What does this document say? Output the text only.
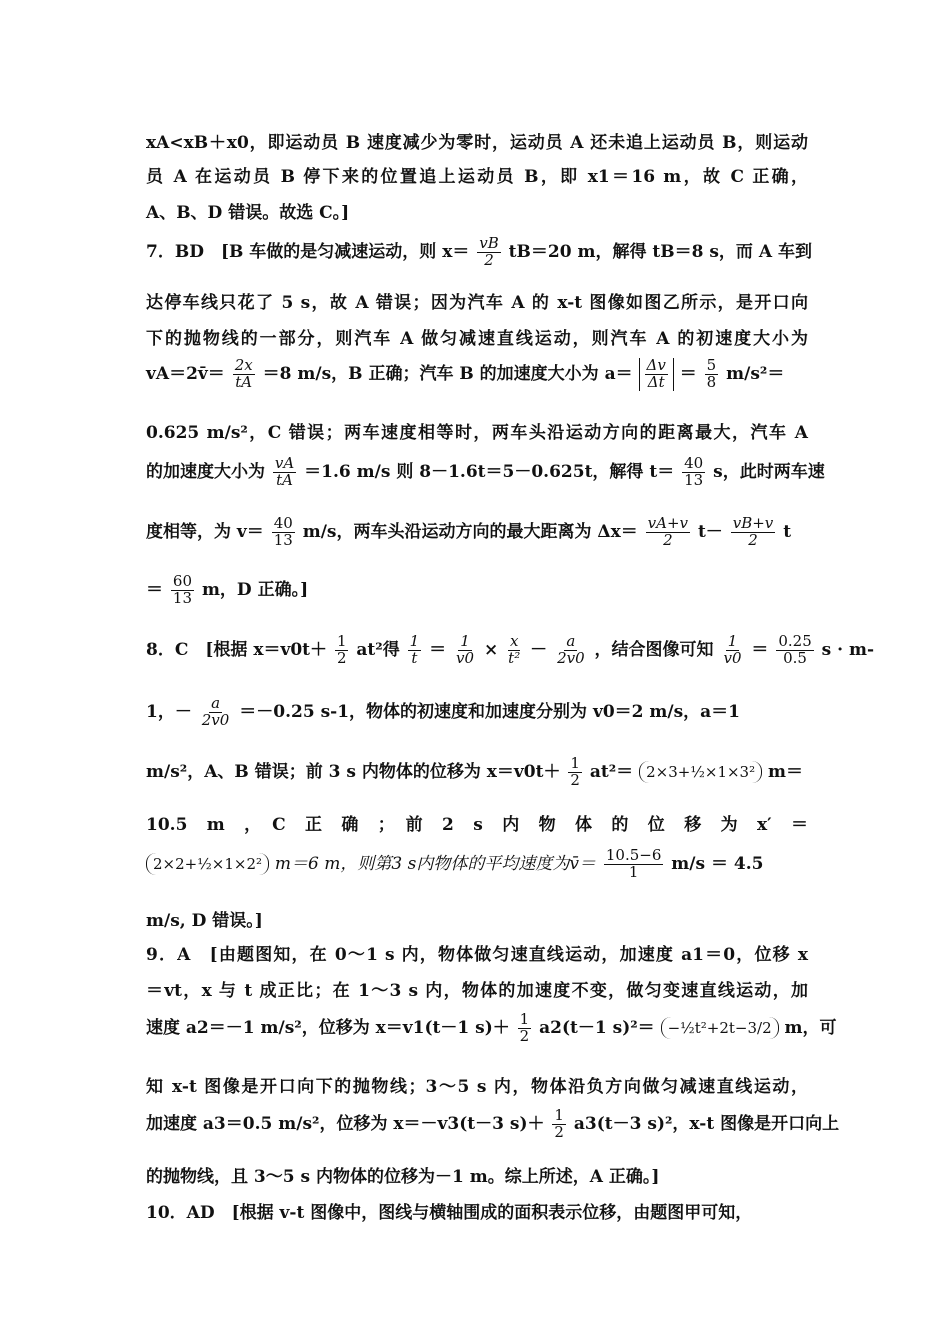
xA<xB＋x0，即运动员 B 速度减少为零时，运动员 A 还未追上运动员 B，则运动
员 A 在运动员 B 停下来的位置追上运动员 B，即 x1＝16 m，故 C 正确，
A、B、D 错误。故选 C。]
7．BD　[B 车做的是匀减速运动，则 $x= \frac{vB}{2} tB=20$ m，解得 tB＝8 s，而 A 车到
达停车线只花了 5 s，故 A 错误；因为汽车 A 的 x-t 图像如图乙所示，是开口向
下的抛物线的一部分，则汽车 A 做匀减速直线运动，则汽车 A 的初速度大小为
vA＝2v̄＝ $\frac{2x}{tA} =8$ m/s，B 正确；汽车 B 的加速度大小为 $a= \frac{\Delta v}{\Delta t} = \frac{5}{8} m/s^2=$
0.625 m/s²，C 错误；两车速度相等时，两车头沿运动方向的距离最大，汽车 A
的加速度大小为 $\frac{vA}{tA} =1.6$ m/s 则 8－1.6t＝5－0.625t，解得 $t= \frac{40}{13}$ s，此时两车速
度相等，为 $v= \frac{40}{13} m/s$，两车头沿运动方向的最大距离为 $\Delta x= \frac{vA+v}{2} t- \frac{vB+v}{2}$ t
＝ $\frac{60}{13}$ m，D 正确。]
8．C　[根据 $x=v0t+ \frac{1}{2} at^2$得 $\frac{1}{t} = \frac{1}{v0} \times \frac{x}{\text{t²}} - \frac{a}{2v0}$ ，结合图像可知 $\frac{1}{v0} = \frac{0.25}{0.5}$ s · m-
1，－ $\frac{a}{2v0} =-0.25$ s-1，物体的初速度和加速度分别为 v0＝2 m/s，a＝1
m/s²，A、B 错误；前 3 s 内物体的位移为 $x=v0t+ \frac{1}{2} at^2=$ 2×3+½×1×3² m＝
10.5　m　，　C　正　确　；　前　2　s　内　物　体　的　位　移　为　x′　＝
2×2+½×1×2² m＝6 m，则第3 s内物体的平均速度为v̄＝ $\frac{10.5-6}{1} m/s = 4.5$
m/s, D 错误。]
9．A　[由题图知，在 0～1 s 内，物体做匀速直线运动，加速度 a1＝0，位移 x
＝vt，x 与 t 成正比；在 1～3 s 内，物体的加速度不变，做匀变速直线运动，加
速度 a2＝－1 m/s²，位移为 x＝v1(t－1 $s)+ \frac{1}{2} a2(t-1$ s)²＝ −½t²+2t−3/2 m，可
知 x-t 图像是开口向下的抛物线；3～5 s 内，物体沿负方向做匀减速直线运动，
加速度 a3＝0.5 m/s²，位移为 x＝－v3(t－3 $s)+ \frac{1}{2} a3(t-3$ s)²，x-t 图像是开口向上
的抛物线，且 3～5 s 内物体的位移为－1 m。综上所述，A 正确。]
10．AD　[根据 v-t 图像中，图线与横轴围成的面积表示位移，由题图甲可知，
